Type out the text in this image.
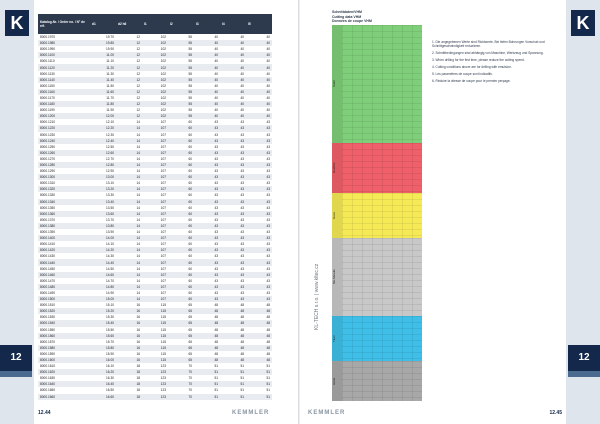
K
12
Katalog-Nr. / Order no. / N° de réf.	d1	d2 h6	l1	l2	l3	l4	l5
8000.1970	19.70	12	102	55	40	40	40
8000.1980	19.80	12	102	55	40	40	40
8000.1990	19.90	12	102	55	40	40	40
8000.1100	11.00	12	102	55	40	40	40
8000.1110	11.10	12	102	55	40	40	40
8000.1120	11.20	12	102	55	40	40	40
8000.1130	11.30	12	102	55	40	40	40
8000.1140	11.40	12	102	55	40	40	40
8000.1150	11.50	12	102	55	40	40	40
8000.1160	11.60	12	102	55	40	40	40
8000.1170	11.70	12	102	55	40	40	40
8000.1180	11.80	12	102	55	40	40	40
8000.1190	11.90	12	102	55	40	40	40
8000.1200	12.00	12	102	55	40	40	40
8000.1210	12.10	14	107	60	43	43	43
8000.1220	12.20	14	107	60	43	43	43
8000.1230	12.30	14	107	60	43	43	43
8000.1240	12.40	14	107	60	43	43	43
8000.1250	12.50	14	107	60	43	43	43
8000.1260	12.60	14	107	60	43	43	43
8000.1270	12.70	14	107	60	43	43	43
8000.1280	12.80	14	107	60	43	43	43
8000.1290	12.90	14	107	60	43	43	43
8000.1300	13.00	14	107	60	43	43	43
8000.1310	13.10	14	107	60	43	43	43
8000.1320	13.20	14	107	60	43	43	43
8000.1330	13.30	14	107	60	43	43	43
8000.1340	13.40	14	107	60	43	43	43
8000.1350	13.50	14	107	60	43	43	43
8000.1360	13.60	14	107	60	43	43	43
8000.1370	13.70	14	107	60	43	43	43
8000.1380	13.80	14	107	60	43	43	43
8000.1390	13.90	14	107	60	43	43	43
8000.1400	14.00	14	107	60	43	43	43
8000.1410	14.10	14	107	60	43	43	43
8000.1420	14.20	14	107	60	43	43	43
8000.1430	14.30	14	107	60	43	43	43
8000.1440	14.40	14	107	60	43	43	43
8000.1450	14.50	14	107	60	43	43	43
8000.1460	14.60	14	107	60	43	43	43
8000.1470	14.70	14	107	60	43	43	43
8000.1480	14.80	14	107	60	43	43	43
8000.1490	14.90	14	107	60	43	43	43
8000.1500	15.00	14	107	60	43	43	43
8000.1510	15.10	16	115	65	48	48	48
8000.1520	15.20	16	115	65	48	48	48
8000.1530	15.30	16	115	65	48	48	48
8000.1540	15.40	16	115	65	48	48	48
8000.1550	15.50	16	115	65	48	48	48
8000.1560	15.60	16	115	65	48	48	48
8000.1570	15.70	16	115	65	48	48	48
8000.1580	15.80	16	115	65	48	48	48
8000.1590	15.90	16	115	65	48	48	48
8000.1600	16.00	16	115	65	48	48	48
8000.1610	16.10	18	123	70	51	51	51
8000.1620	16.20	18	123	70	51	51	51
8000.1630	16.30	18	123	70	51	51	51
8000.1640	16.40	18	123	70	51	51	51
8000.1650	16.50	18	123	70	51	51	51
8000.1660	16.60	18	123	70	51	51	51
12.44	KEMMLER
K
12
12.45
KEMMLER
KL-TECH s.r.o. | www.kltec.cz
Schnittdaten/VHM
Cutting data VHM
Données de coupe VHM
Stahl
Rostfrei
Guss
NE-Metalle
Titan
Härte

1. Die angegebenen Werte sind Richtwerte. Bei tiefen Bohrungen Vorschub und Schnittgeschwindigkeit reduzieren.

2. Schnittbedingungen sind abhängig von Maschine, Werkzeug und Spannung.

3. When drilling for the first time, please reduce the cutting speed.

4. Cutting conditions above are for drilling with emulsion.

5. Les paramètres de coupe sont indicatifs.

6. Réduire la vitesse de coupe pour le premier perçage.
